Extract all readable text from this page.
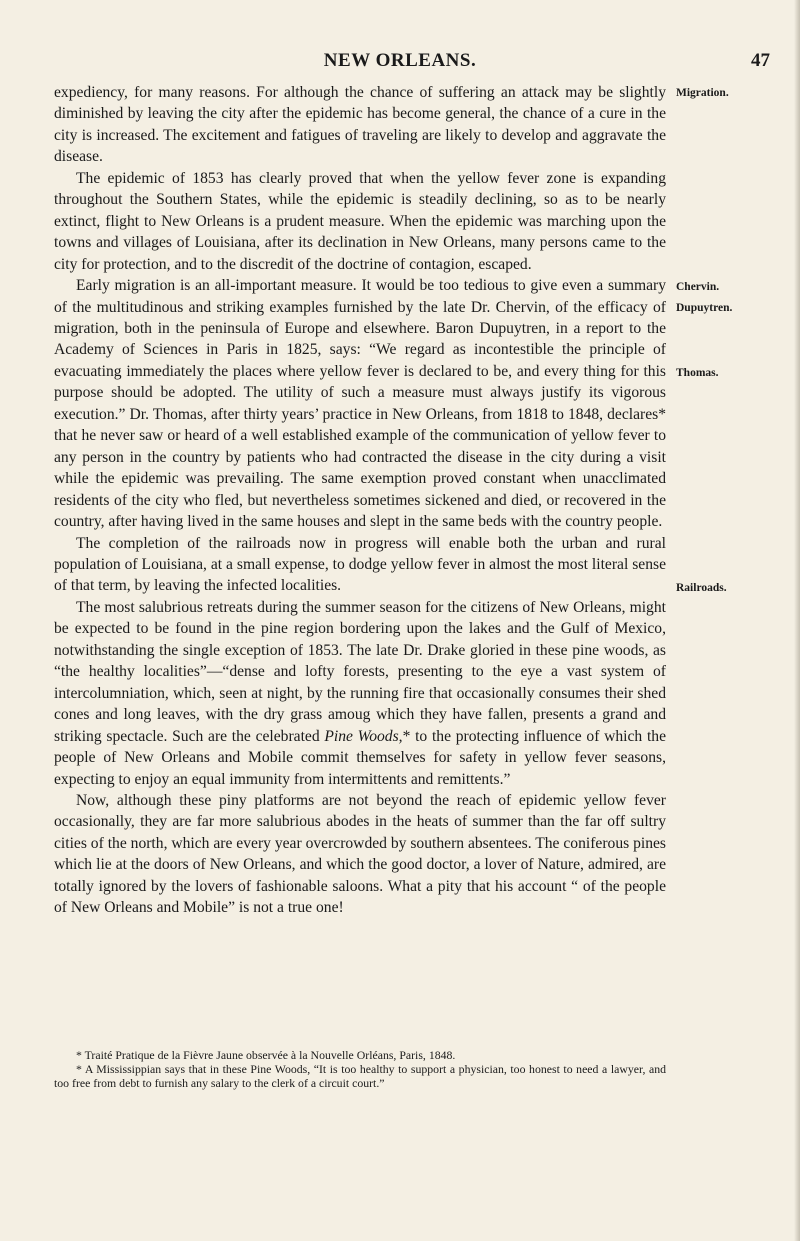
NEW ORLEANS.	47
Migration.
Chervin.
Dupuytren.
Thomas.
Railroads.

expediency, for many reasons. For although the chance of suffering an attack may be slightly diminished by leaving the city after the epidemic has become general, the chance of a cure in the city is increased. The excitement and fatigues of traveling are likely to develop and aggravate the disease.

The epidemic of 1853 has clearly proved that when the yellow fever zone is expanding throughout the Southern States, while the epidemic is steadily declining, so as to be nearly extinct, flight to New Orleans is a prudent measure. When the epidemic was marching upon the towns and villages of Louisiana, after its declination in New Orleans, many persons came to the city for protection, and to the discredit of the doctrine of contagion, escaped.

Early migration is an all-important measure. It would be too tedious to give even a summary of the multitudinous and striking examples furnished by the late Dr. Chervin, of the efficacy of migration, both in the peninsula of Europe and elsewhere. Baron Dupuytren, in a report to the Academy of Sciences in Paris in 1825, says: “We regard as incontestible the principle of evacuating immediately the places where yellow fever is declared to be, and every thing for this purpose should be adopted. The utility of such a measure must always justify its vigorous execution.” Dr. Thomas, after thirty years’ practice in New Orleans, from 1818 to 1848, declares* that he never saw or heard of a well established example of the communication of yellow fever to any person in the country by patients who had contracted the disease in the city during a visit while the epidemic was prevailing. The same exemption proved constant when unacclimated residents of the city who fled, but nevertheless sometimes sickened and died, or recovered in the country, after having lived in the same houses and slept in the same beds with the country people.

The completion of the railroads now in progress will enable both the urban and rural population of Louisiana, at a small expense, to dodge yellow fever in almost the most literal sense of that term, by leaving the infected localities.

The most salubrious retreats during the summer season for the citizens of New Orleans, might be expected to be found in the pine region bordering upon the lakes and the Gulf of Mexico, notwithstanding the single exception of 1853. The late Dr. Drake gloried in these pine woods, as “the healthy localities”—“dense and lofty forests, presenting to the eye a vast system of intercolumniation, which, seen at night, by the running fire that occasionally consumes their shed cones and long leaves, with the dry grass amoug which they have fallen, presents a grand and striking spectacle. Such are the celebrated Pine Woods,* to the protecting influence of which the people of New Orleans and Mobile commit themselves for safety in yellow fever seasons, expecting to enjoy an equal immunity from intermittents and remittents.”

Now, although these piny platforms are not beyond the reach of epidemic yellow fever occasionally, they are far more salubrious abodes in the heats of summer than the far off sultry cities of the north, which are every year overcrowded by southern absentees. The coniferous pines which lie at the doors of New Orleans, and which the good doctor, a lover of Nature, admired, are totally ignored by the lovers of fashionable saloons. What a pity that his account “ of the people of New Orleans and Mobile” is not a true one!

* Traité Pratique de la Fièvre Jaune observée à la Nouvelle Orléans, Paris, 1848.

* A Mississippian says that in these Pine Woods, “It is too healthy to support a physician, too honest to need a lawyer, and too free from debt to furnish any salary to the clerk of a circuit court.”
